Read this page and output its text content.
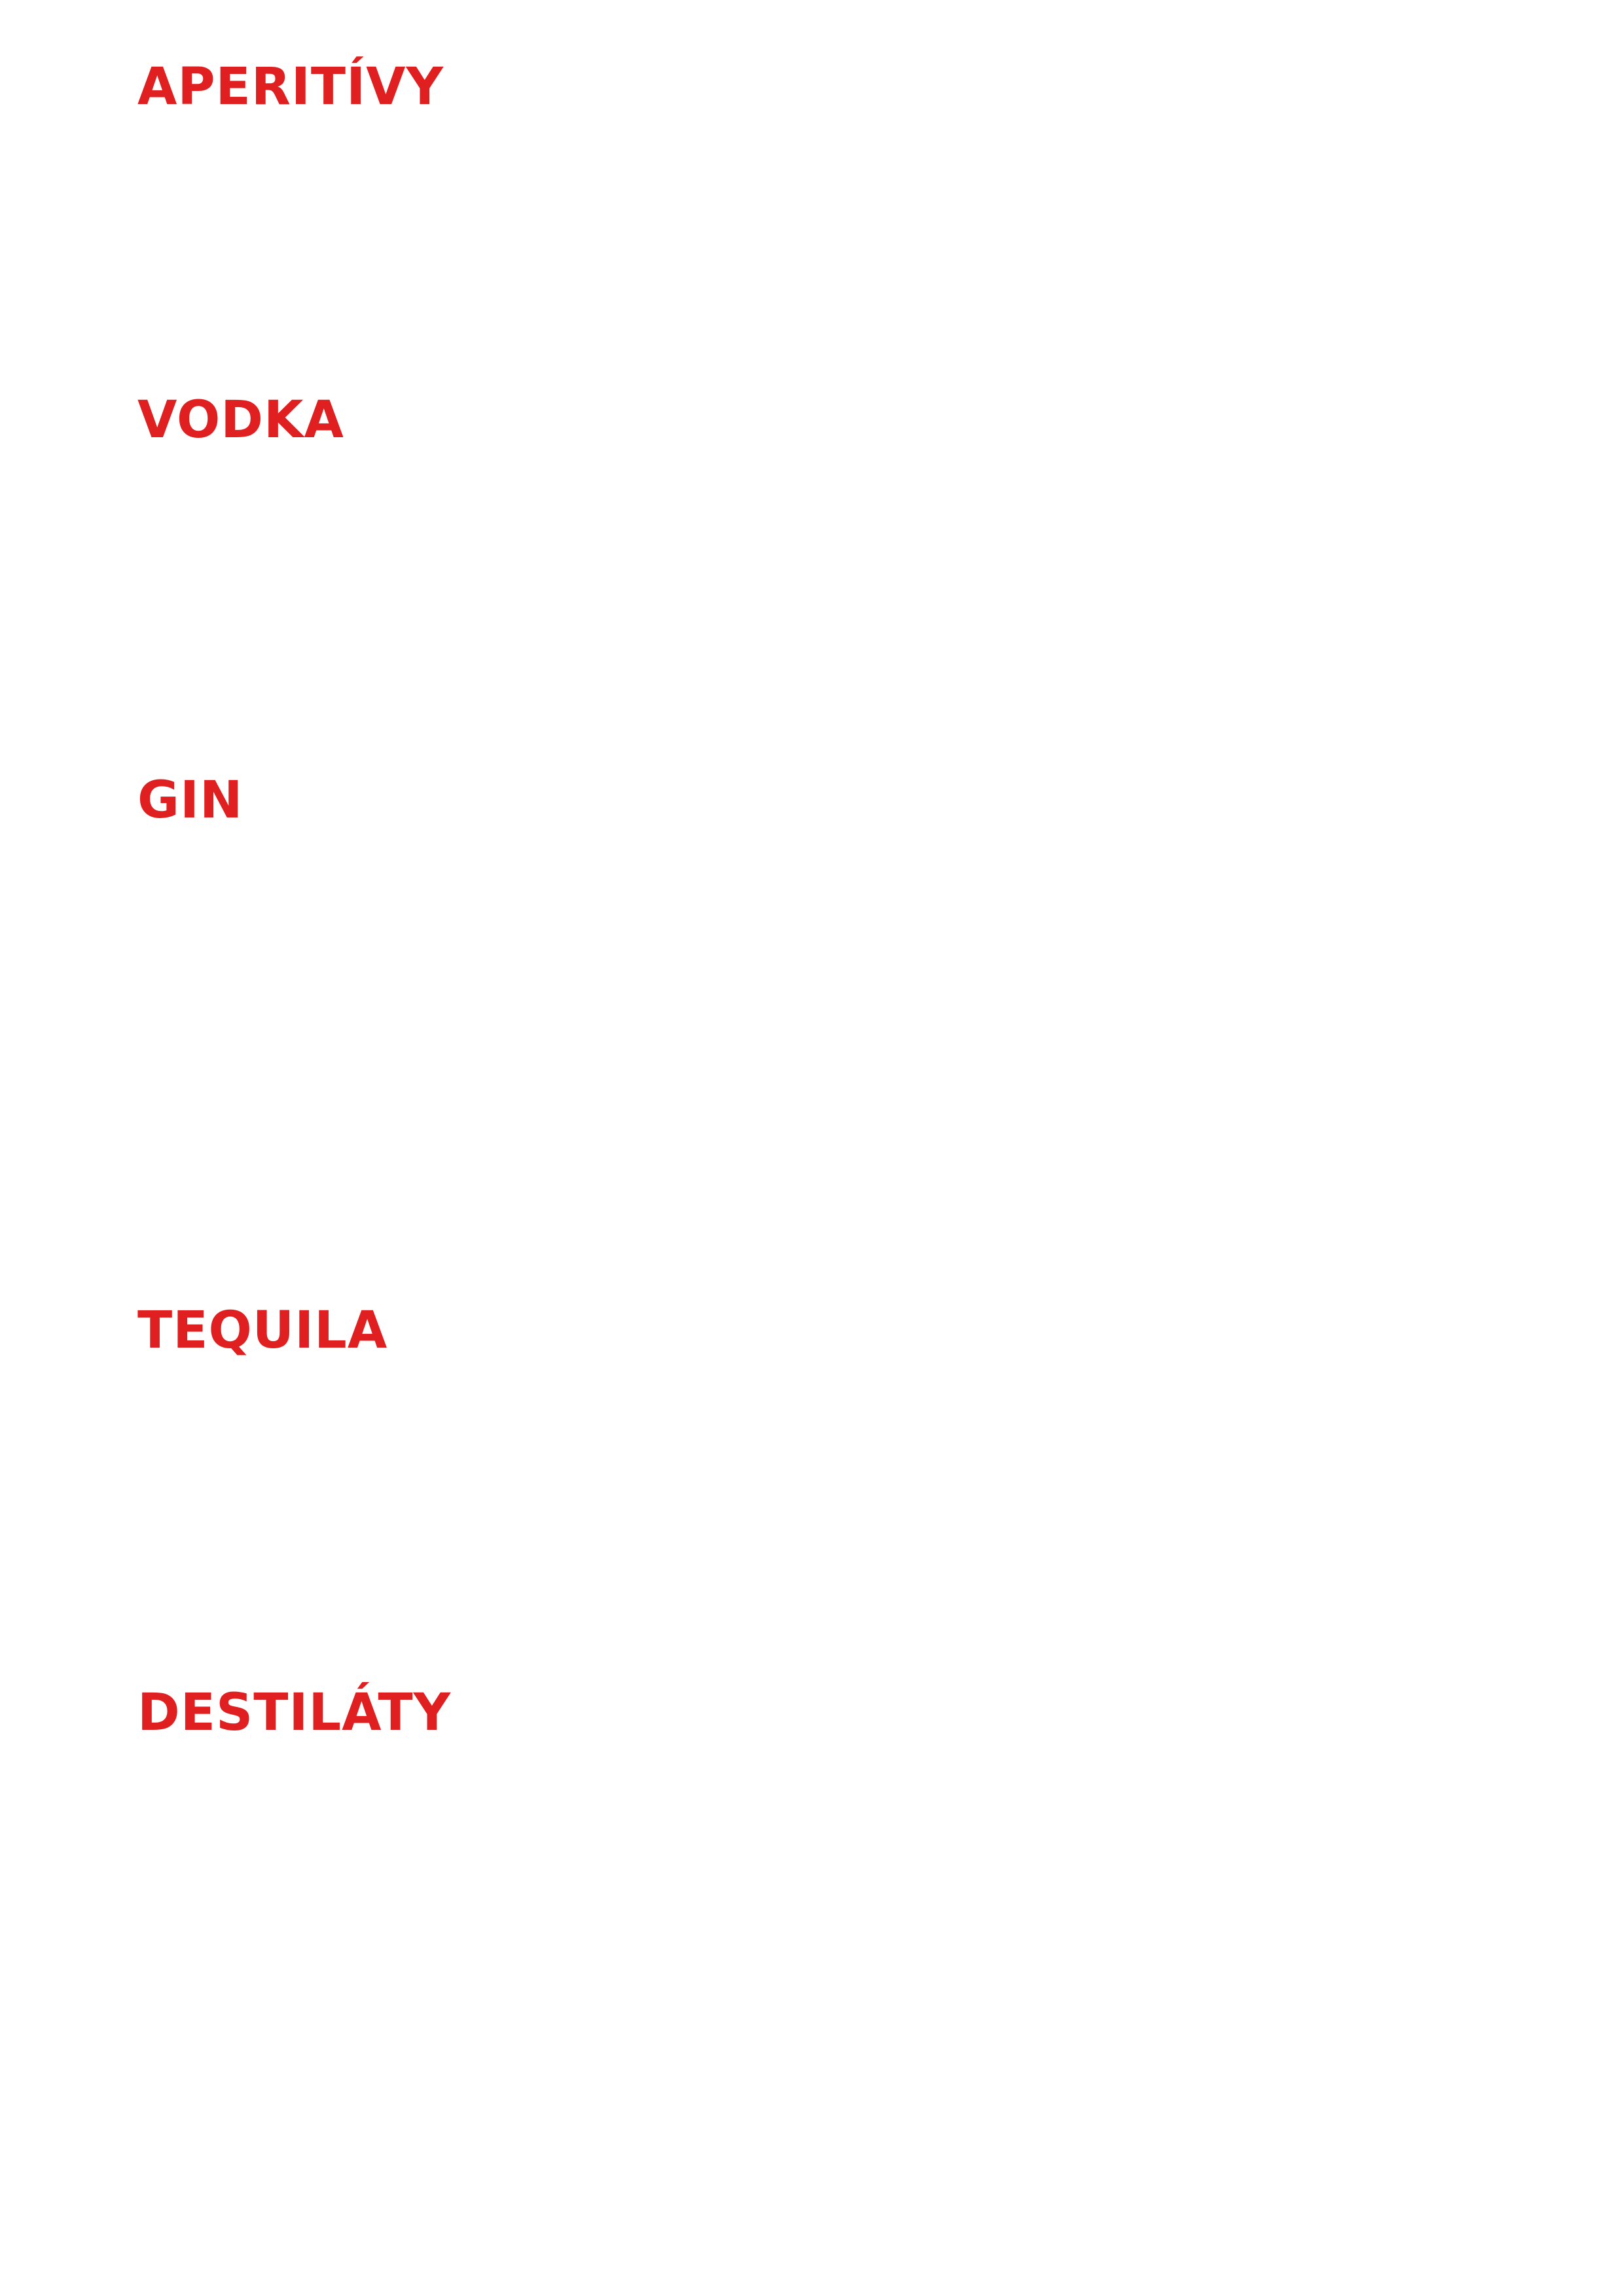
APERITÍVY
VODKA
GIN
TEQUILA
DESTILÁTY
